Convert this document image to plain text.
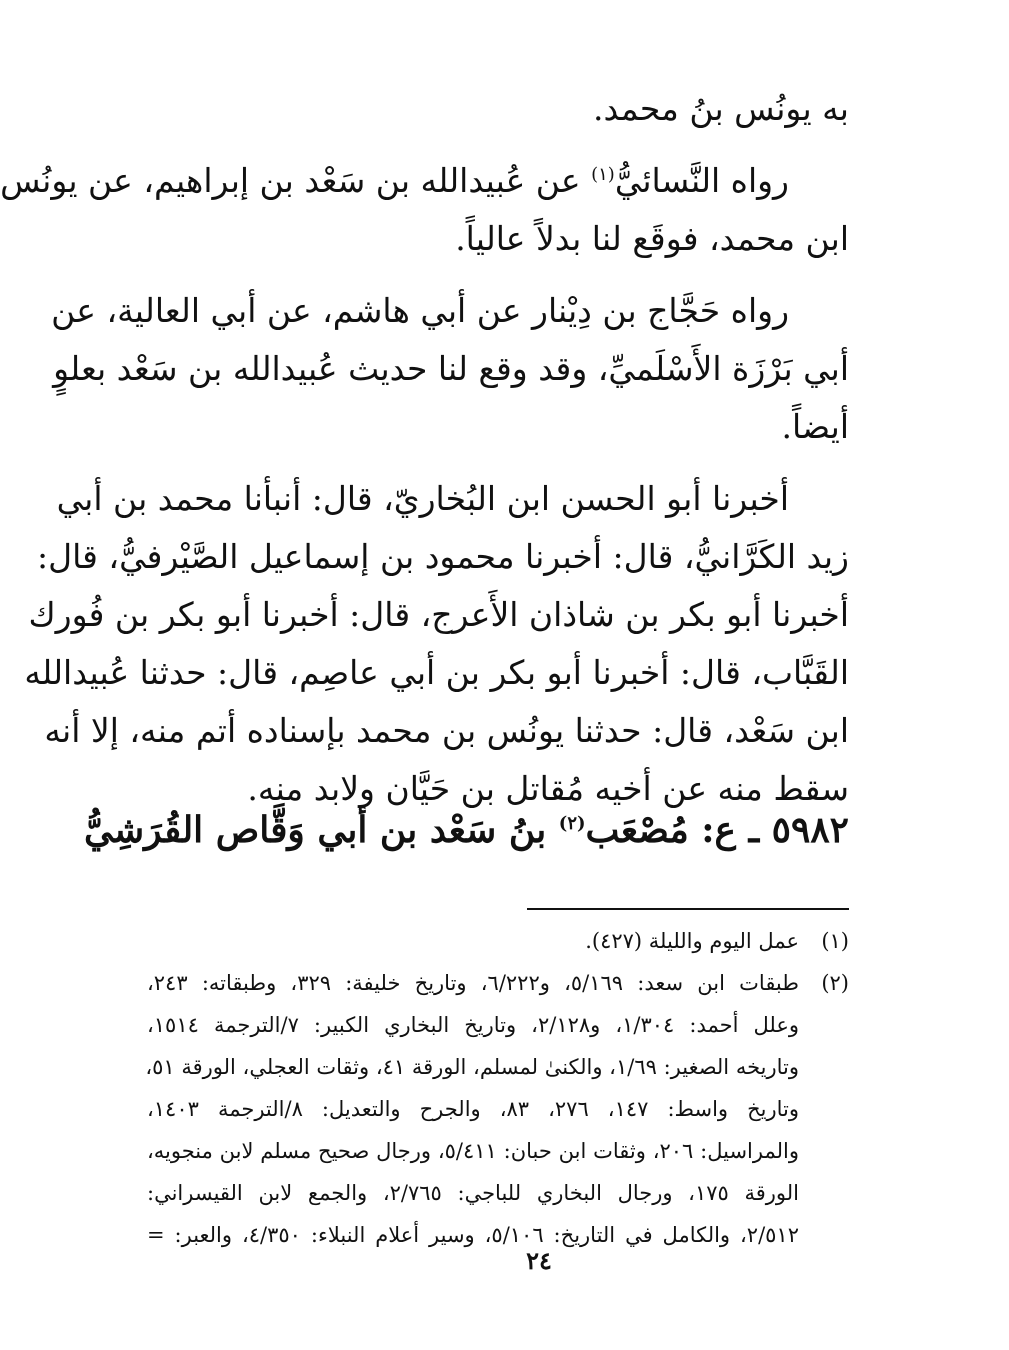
به يونُس بنُ محمد.
رواه النَّسائيُّ$^{(١)}$ عن عُبيدالله بن سَعْد بن إبراهيم، عن يونُس
ابن محمد، فوقَع لنا بدلاً عالياً.
رواه حَجَّاج بن دِيْنار عن أبي هاشم، عن أبي العالية، عن
أبي بَرْزَة الأَسْلَميِّ، وقد وقع لنا حديث عُبيدالله بن سَعْد بعلوٍ
أيضاً.
أخبرنا أبو الحسن ابن البُخاريّ، قال: أنبأنا محمد بن أبي
زيد الكَرَّانيُّ، قال: أخبرنا محمود بن إسماعيل الصَّيْرفيُّ، قال:
أخبرنا أبو بكر بن شاذان الأَعرج، قال: أخبرنا أبو بكر بن فُورك
القَبَّاب، قال: أخبرنا أبو بكر بن أبي عاصِم، قال: حدثنا عُبيدالله
ابن سَعْد، قال: حدثنا يونُس بن محمد بإسناده أتم منه، إلا أنه
سقط منه عن أخيه مُقاتل بن حَيَّان ولابد منه.
٥٩٨٢ ـ ع: مُصْعَب$^{(٢)}$ بنُ سَعْد بن أبي وَقَّاص القُرَشِيُّ
(١)
عمل اليوم والليلة (٤٢٧).
(٢)
طبقات ابن سعد: ٥/١٦٩، و٦/٢٢٢، وتاريخ خليفة: ٣٢٩، وطبقاته: ٢٤٣،
وعلل أحمد: ١/٣٠٤، و٢/١٢٨، وتاريخ البخاري الكبير: ٧/الترجمة ١٥١٤،
وتاريخه الصغير: ١/٦٩، والكنىٰ لمسلم، الورقة ٤١، وثقات العجلي، الورقة ٥١،
وتاريخ واسط: ١٤٧، ٢٧٦، ٨٣، والجرح والتعديل: ٨/الترجمة ١٤٠٣،
والمراسيل: ٢٠٦، وثقات ابن حبان: ٥/٤١١، ورجال صحيح مسلم لابن منجويه،
الورقة ١٧٥، ورجال البخاري للباجي: ٢/٧٦٥، والجمع لابن القيسراني:
٢/٥١٢، والكامل في التاريخ: ٥/١٠٦، وسير أعلام النبلاء: ٤/٣٥٠، والعبر: =
٢٤
